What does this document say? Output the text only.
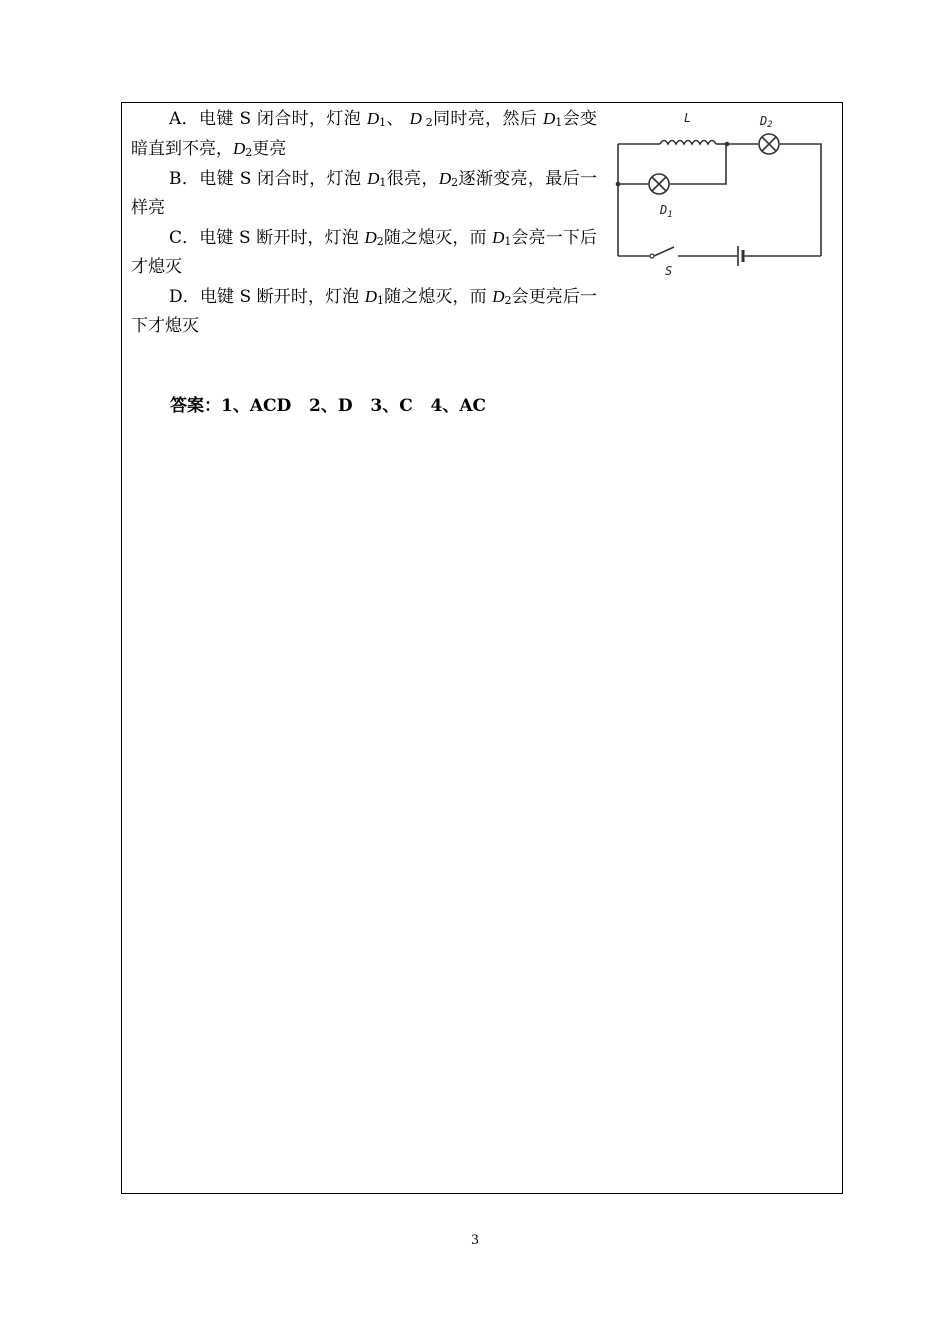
A．电键 S 闭合时，灯泡 $D_1$、 D $_2$同时亮，然后 $D_1$会变暗直到不亮，$D_2$更亮

B．电键 S 闭合时，灯泡 $D_1$很亮，$D_2$逐渐变亮，最后一样亮

C．电键 S 断开时，灯泡 $D_2$随之熄灭，而 $D_1$会亮一下后才熄灭

D．电键 S 断开时，灯泡 $D_1$随之熄灭，而 $D_2$会更亮后一下才熄灭

L	D2
$D_1$
S
答案：1、ACD   2、D   3、C   4、AC
3
